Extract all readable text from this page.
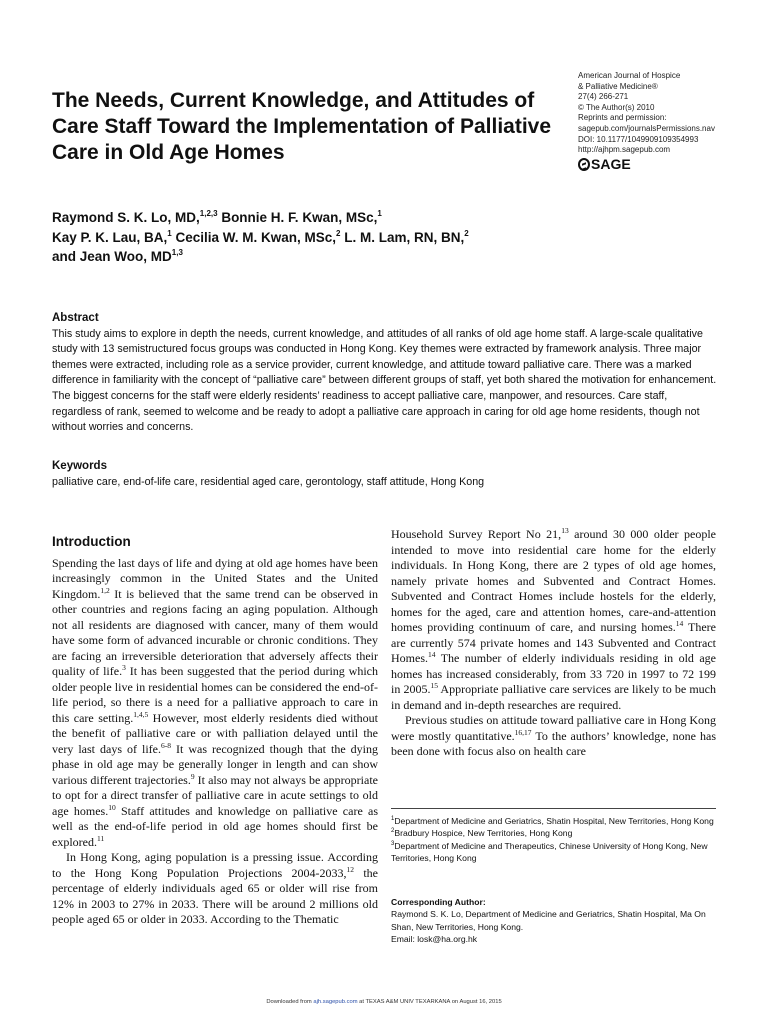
The Needs, Current Knowledge, and Attitudes of Care Staff Toward the Implementation of Palliative Care in Old Age Homes
American Journal of Hospice
& Palliative Medicine®
27(4) 266-271
© The Author(s) 2010
Reprints and permission:
sagepub.com/journalsPermissions.nav
DOI: 10.1177/1049909109354993
http://ajhpm.sagepub.com
SAGE
Raymond S. K. Lo, MD,$^{1,2,3}$ Bonnie H. F. Kwan, MSc,$^1$
Kay P. K. Lau, BA,$^1$ Cecilia W. M. Kwan, MSc,$^2$ L. M. Lam, RN, BN,$^2$
and Jean Woo, MD$^{1,3}$
Abstract
This study aims to explore in depth the needs, current knowledge, and attitudes of all ranks of old age home staff. A large-scale qualitative study with 13 semistructured focus groups was conducted in Hong Kong. Key themes were extracted by framework analysis. Three major themes were extracted, including role as a service provider, current knowledge, and attitude toward palliative care. There was a marked difference in familiarity with the concept of “palliative care” between different groups of staff, yet both shared the motivation for enhancement. The biggest concerns for the staff were elderly residents’ readiness to accept palliative care, manpower, and resources. Care staff, regardless of rank, seemed to welcome and be ready to adopt a palliative care approach in caring for old age home residents, though not without worries and concerns.
Keywords
palliative care, end-of-life care, residential aged care, gerontology, staff attitude, Hong Kong
Introduction

Spending the last days of life and dying at old age homes have been increasingly common in the United States and the United Kingdom.$^{1,2}$ It is believed that the same trend can be observed in other countries and regions facing an aging population. Although not all residents are diagnosed with cancer, many of them would have some form of advanced incurable or chronic conditions. They are facing an irreversible deterioration that adversely affects their quality of life.$^3$ It has been suggested that the period during which older people live in residential homes can be considered the end-of-life period, so there is a need for a palliative approach to care in this care setting.$^{1,4,5}$ However, most elderly residents died without the benefit of palliative care or with palliation delayed until the very last days of life.$^{6-8}$ It was recognized though that the dying phase in old age may be generally longer in length and can show various different trajectories.$^9$ It also may not always be appropriate to opt for a direct transfer of palliative care in acute settings to old age homes.$^{10}$ Staff attitudes and knowledge on palliative care as well as the end-of-life period in old age homes should first be explored.$^{11}$

In Hong Kong, aging population is a pressing issue. According to the Hong Kong Population Projections 2004-2033,12 the percentage of elderly individuals aged 65 or older will rise from 12% in 2003 to 27% in 2033. There will be around 2 millions old people aged 65 or older in 2033. According to the Thematic

Household Survey Report No 21,13 around 30 000 older people intended to move into residential care home for the elderly individuals. In Hong Kong, there are 2 types of old age homes, namely private homes and Subvented and Contract Homes. Subvented and Contract Homes include hostels for the elderly, homes for the aged, care and attention homes, care-and-attention homes providing continuum of care, and nursing homes.$^{14}$ There are currently 574 private homes and 143 Subvented and Contract Homes.$^{14}$ The number of elderly individuals residing in old age homes has increased considerably, from 33 720 in 1997 to 72 199 in 2005.15 Appropriate palliative care services are likely to be much in demand and in-depth researches are required.

Previous studies on attitude toward palliative care in Hong Kong were mostly quantitative.$^{16,17}$ To the authors’ knowledge, none has been done with focus also on health care

$^1$Department of Medicine and Geriatrics, Shatin Hospital, New Territories, Hong Kong
$^2$Bradbury Hospice, New Territories, Hong Kong
$^3$Department of Medicine and Therapeutics, Chinese University of Hong Kong, New Territories, Hong Kong
Corresponding Author:
Raymond S. K. Lo, Department of Medicine and Geriatrics, Shatin Hospital, Ma On Shan, New Territories, Hong Kong.
Email: losk@ha.org.hk
Downloaded from ajh.sagepub.com at TEXAS A&M UNIV TEXARKANA on August 16, 2015
